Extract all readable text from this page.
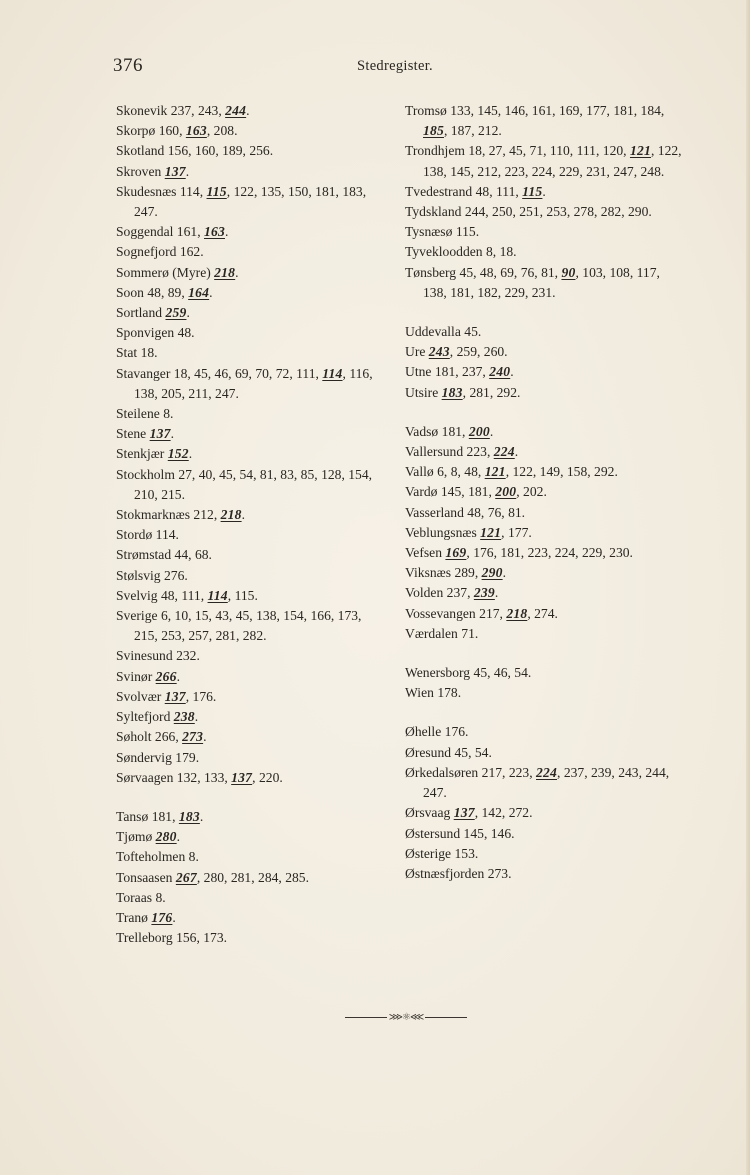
376	Stedregister.

Skonevik 237, 243, 244.

Skorpø 160, 163, 208.

Skotland 156, 160, 189, 256.

Skroven 137.

Skudesnæs 114, 115, 122, 135, 150, 181, 183, 247.

Soggendal 161, 163.

Sognefjord 162.

Sommerø (Myre) 218.

Soon 48, 89, 164.

Sortland 259.

Sponvigen 48.

Stat 18.

Stavanger 18, 45, 46, 69, 70, 72, 111, 114, 116, 138, 205, 211, 247.

Steilene 8.

Stene 137.

Stenkjær 152.

Stockholm 27, 40, 45, 54, 81, 83, 85, 128, 154, 210, 215.

Stokmarknæs 212, 218.

Stordø 114.

Strømstad 44, 68.

Stølsvig 276.

Svelvig 48, 111, 114, 115.

Sverige 6, 10, 15, 43, 45, 138, 154, 166, 173, 215, 253, 257, 281, 282.

Svinesund 232.

Svinør 266.

Svolvær 137, 176.

Syltefjord 238.

Søholt 266, 273.

Søndervig 179.

Sørvaagen 132, 133, 137, 220.

Tansø 181, 183.

Tjømø 280.

Tofteholmen 8.

Tonsaasen 267, 280, 281, 284, 285.

Toraas 8.

Tranø 176.

Trelleborg 156, 173.

Tromsø 133, 145, 146, 161, 169, 177, 181, 184, 185, 187, 212.

Trondhjem 18, 27, 45, 71, 110, 111, 120, 121, 122, 138, 145, 212, 223, 224, 229, 231, 247, 248.

Tvedestrand 48, 111, 115.

Tydskland 244, 250, 251, 253, 278, 282, 290.

Tysnæsø 115.

Tyvekloodden 8, 18.

Tønsberg 45, 48, 69, 76, 81, 90, 103, 108, 117, 138, 181, 182, 229, 231.

Uddevalla 45.

Ure 243, 259, 260.

Utne 181, 237, 240.

Utsire 183, 281, 292.

Vadsø 181, 200.

Vallersund 223, 224.

Vallø 6, 8, 48, 121, 122, 149, 158, 292.

Vardø 145, 181, 200, 202.

Vasserland 48, 76, 81.

Veblungsnæs 121, 177.

Vefsen 169, 176, 181, 223, 224, 229, 230.

Viksnæs 289, 290.

Volden 237, 239.

Vossevangen 217, 218, 274.

Værdalen 71.

Wenersborg 45, 46, 54.

Wien 178.

Øhelle 176.

Øresund 45, 54.

Ørkedalsøren 217, 223, 224, 237, 239, 243, 244, 247.

Ørsvaag 137, 142, 272.

Østersund 145, 146.

Østerige 153.

Østnæsfjorden 273.

⋙⚛⋘
